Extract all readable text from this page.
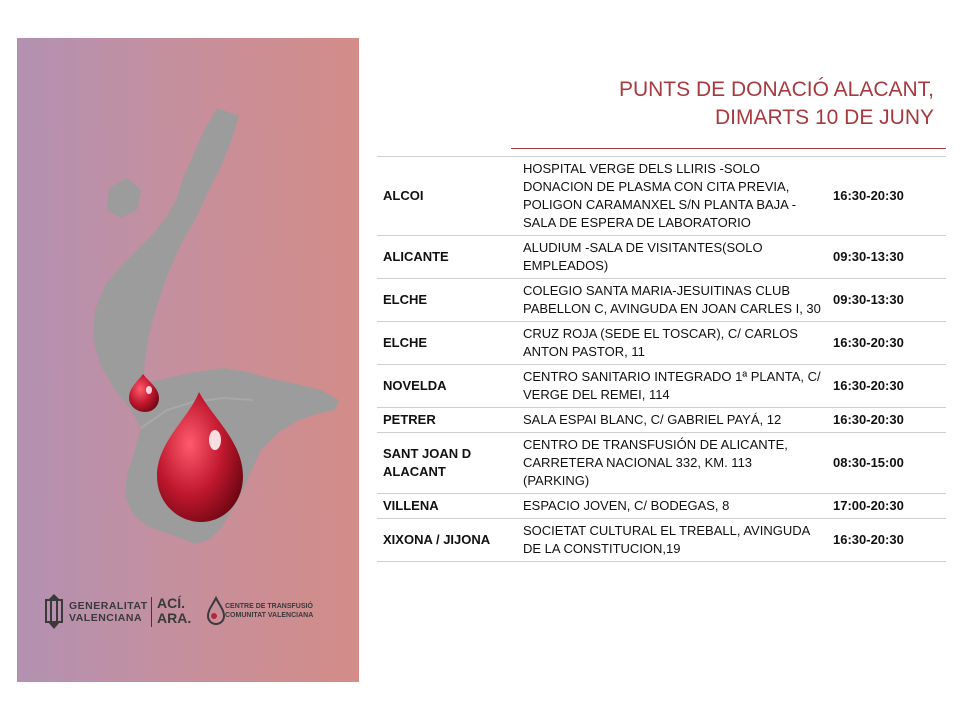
GENERALITAT
VALENCIANA
ACÍ.
ARA.
CENTRE DE TRANSFUSIÓ
COMUNITAT VALENCIANA
PUNTS DE DONACIÓ ALACANT,
DIMARTS 10 DE JUNY
ALCOI	HOSPITAL VERGE DELS LLIRIS -SOLO DONACION DE PLASMA CON CITA PREVIA, POLIGON CARAMANXEL S/N PLANTA BAJA - SALA DE ESPERA DE LABORATORIO	16:30-20:30
ALICANTE	ALUDIUM -SALA DE VISITANTES(SOLO EMPLEADOS)	09:30-13:30
ELCHE	COLEGIO SANTA MARIA-JESUITINAS CLUB PABELLON C, AVINGUDA EN JOAN CARLES I, 30	09:30-13:30
ELCHE	CRUZ ROJA (SEDE EL TOSCAR), C/ CARLOS ANTON PASTOR, 11	16:30-20:30
NOVELDA	CENTRO SANITARIO INTEGRADO 1ª PLANTA, C/ VERGE DEL REMEI, 114	16:30-20:30
PETRER	SALA ESPAI BLANC, C/ GABRIEL PAYÁ, 12	16:30-20:30
SANT JOAN D ALACANT	CENTRO DE TRANSFUSIÓN DE ALICANTE, CARRETERA NACIONAL 332, KM. 113 (PARKING)	08:30-15:00
VILLENA	ESPACIO JOVEN, C/ BODEGAS, 8	17:00-20:30
XIXONA / JIJONA	SOCIETAT CULTURAL EL TREBALL, AVINGUDA DE LA CONSTITUCION,19	16:30-20:30
